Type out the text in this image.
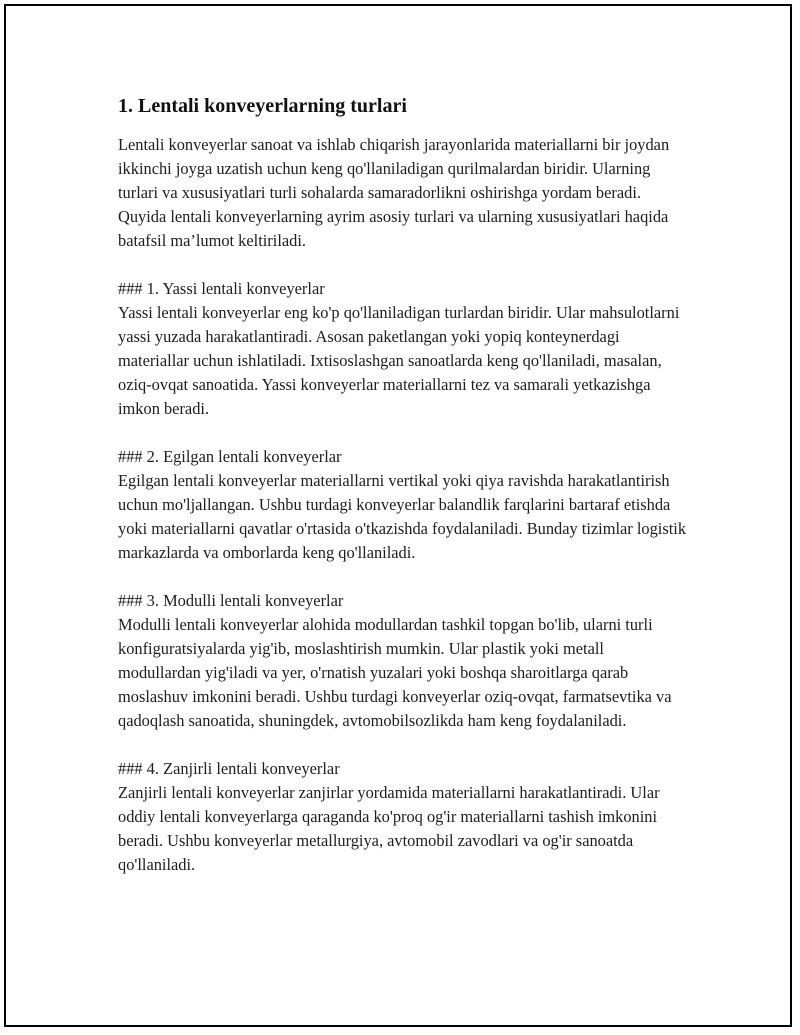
1. Lentali konveyerlarning turlari

Lentali konveyerlar sanoat va ishlab chiqarish jarayonlarida materiallarni bir joydan ikkinchi joyga uzatish uchun keng qo'llaniladigan qurilmalardan biridir. Ularning turlari va xususiyatlari turli sohalarda samaradorlikni oshirishga yordam beradi. Quyida lentali konveyerlarning ayrim asosiy turlari va ularning xususiyatlari haqida batafsil ma’lumot keltiriladi.

### 1. Yassi lentali konveyerlar

Yassi lentali konveyerlar eng ko'p qo'llaniladigan turlardan biridir. Ular mahsulotlarni yassi yuzada harakatlantiradi. Asosan paketlangan yoki yopiq konteynerdagi materiallar uchun ishlatiladi. Ixtisoslashgan sanoatlarda keng qo'llaniladi, masalan, oziq-ovqat sanoatida. Yassi konveyerlar materiallarni tez va samarali yetkazishga imkon beradi.

### 2. Egilgan lentali konveyerlar

Egilgan lentali konveyerlar materiallarni vertikal yoki qiya ravishda harakatlantirish uchun mo'ljallangan. Ushbu turdagi konveyerlar balandlik farqlarini bartaraf etishda yoki materiallarni qavatlar o'rtasida o'tkazishda foydalaniladi. Bunday tizimlar logistik markazlarda va omborlarda keng qo'llaniladi.

### 3. Modulli lentali konveyerlar

Modulli lentali konveyerlar alohida modullardan tashkil topgan bo'lib, ularni turli konfiguratsiyalarda yig'ib, moslashtirish mumkin. Ular plastik yoki metall modullardan yig'iladi va yer, o'rnatish yuzalari yoki boshqa sharoitlarga qarab moslashuv imkonini beradi. Ushbu turdagi konveyerlar oziq-ovqat, farmatsevtika va qadoqlash sanoatida, shuningdek, avtomobilsozlikda ham keng foydalaniladi.

### 4. Zanjirli lentali konveyerlar

Zanjirli lentali konveyerlar zanjirlar yordamida materiallarni harakatlantiradi. Ular oddiy lentali konveyerlarga qaraganda ko'proq og'ir materiallarni tashish imkonini beradi. Ushbu konveyerlar metallurgiya, avtomobil zavodlari va og'ir sanoatda qo'llaniladi.
